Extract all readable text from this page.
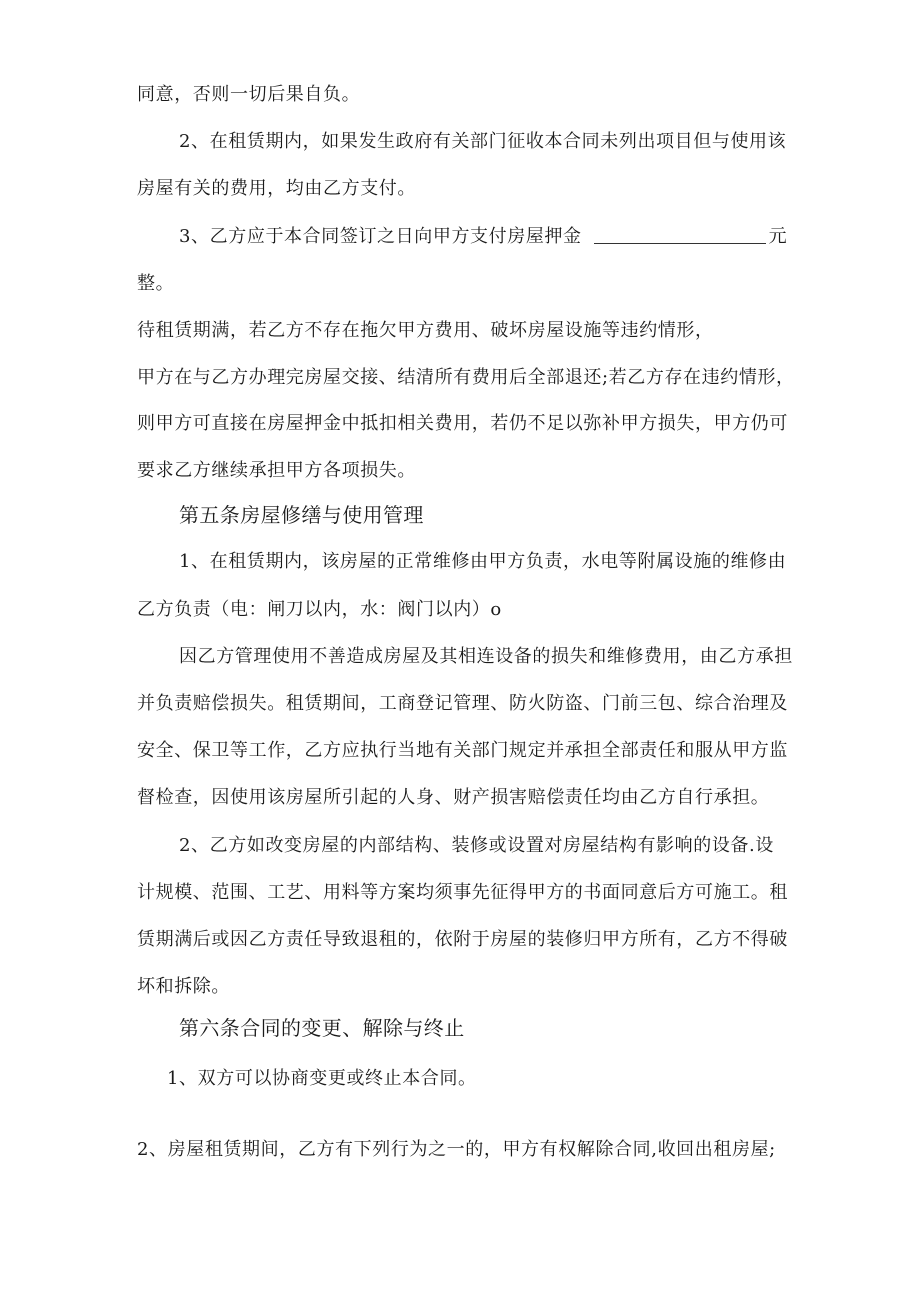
同意，否则一切后果自负。
2、在租赁期内，如果发生政府有关部门征收本合同未列出项目但与使用该
房屋有关的费用，均由乙方支付。
3、乙方应于本合同签订之日向甲方支付房屋押金	元
整。
待租赁期满，若乙方不存在拖欠甲方费用、破坏房屋设施等违约情形，
甲方在与乙方办理完房屋交接、结清所有费用后全部退还;若乙方存在违约情形，
则甲方可直接在房屋押金中抵扣相关费用，若仍不足以弥补甲方损失，甲方仍可
要求乙方继续承担甲方各项损失。
第五条房屋修缮与使用管理
1、在租赁期内，该房屋的正常维修由甲方负责，水电等附属设施的维修由
乙方负责（电：闸刀以内，水：阀门以内）o
因乙方管理使用不善造成房屋及其相连设备的损失和维修费用，由乙方承担
并负责赔偿损失。租赁期间，工商登记管理、防火防盗、门前三包、综合治理及
安全、保卫等工作，乙方应执行当地有关部门规定并承担全部责任和服从甲方监
督检查，因使用该房屋所引起的人身、财产损害赔偿责任均由乙方自行承担。
2、乙方如改变房屋的内部结构、装修或设置对房屋结构有影响的设备.设
计规模、范围、工艺、用料等方案均须事先征得甲方的书面同意后方可施工。租
赁期满后或因乙方责任导致退租的，依附于房屋的装修归甲方所有，乙方不得破
坏和拆除。
第六条合同的变更、解除与终止
1、双方可以协商变更或终止本合同。
2、房屋租赁期间，乙方有下列行为之一的，甲方有权解除合同,收回出租房屋;
